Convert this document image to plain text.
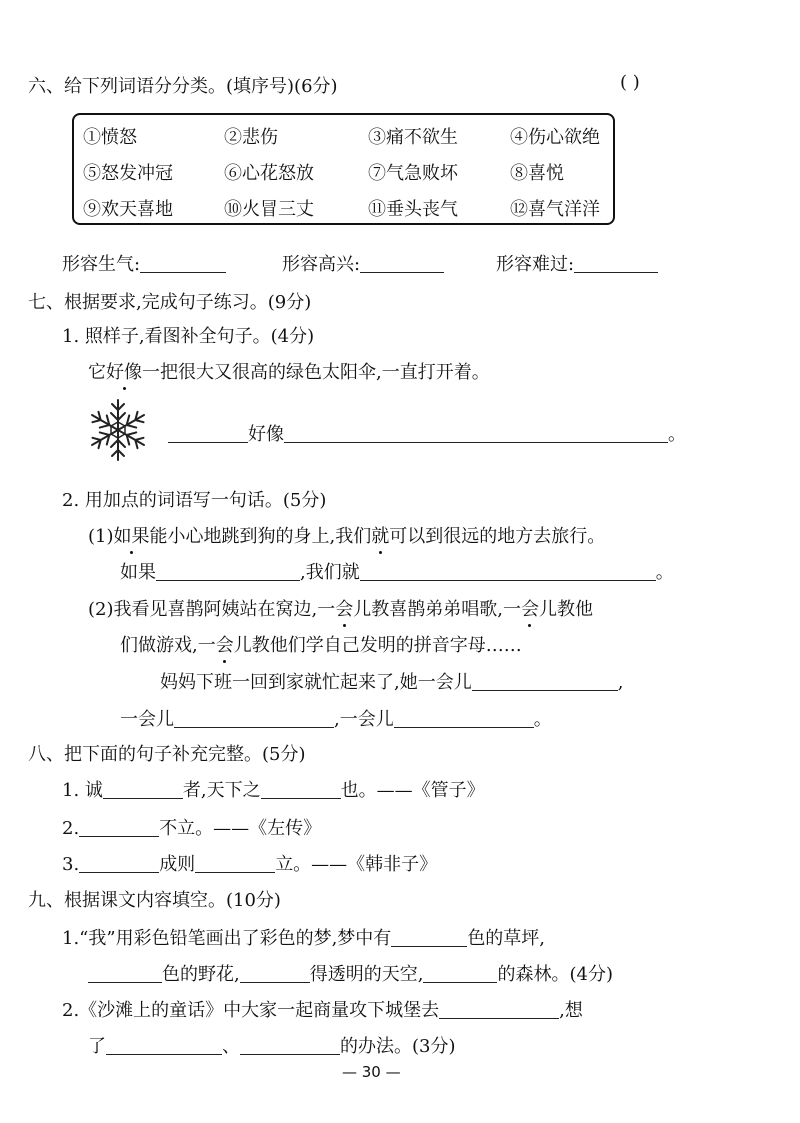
六、给下列词语分分类。(填序号)(6分)	( )
①愤怒	②悲伤	③痛不欲生	④伤心欲绝
⑤怒发冲冠	⑥心花怒放	⑦气急败坏	⑧喜悦
⑨欢天喜地	⑩火冒三丈	⑪垂头丧气	⑫喜气洋洋
形容生气:	形容高兴:	形容难过:
七、根据要求,完成句子练习。(9分)
1. 照样子,看图补全句子。(4分)
它好像一把很大又很高的绿色太阳伞,一直打开着。
好像	。
2. 用加点的词语写一句话。(5分)
(1)如果能小心地跳到狗的身上,我们就可以到很远的地方去旅行。
如果	,我们就	。
(2)我看见喜鹊阿姨站在窝边,一会儿教喜鹊弟弟唱歌,一会儿教他
们做游戏,一会儿教他们学自己发明的拼音字母……
妈妈下班一回到家就忙起来了,她一会儿	,
一会儿	,一会儿	。
八、把下面的句子补充完整。(5分)
1. 诚	者,天下之	也。——《管子》
2.	不立。——《左传》
3.	成则	立。——《韩非子》
九、根据课文内容填空。(10分)
1.“我”用彩色铅笔画出了彩色的梦,梦中有	色的草坪,
色的野花,	得透明的天空,	的森林。(4分)
2.《沙滩上的童话》中大家一起商量攻下城堡去	,想
了	、	的办法。(3分)
— 30 —
